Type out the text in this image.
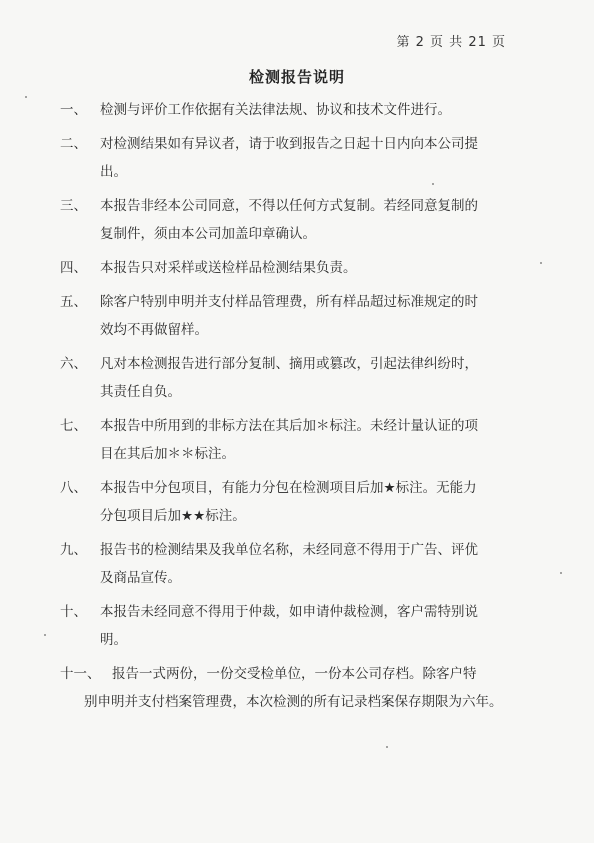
第 2 页 共 21 页
检测报告说明
一、 检测与评价工作依据有关法律法规、协议和技术文件进行。
二、 对检测结果如有异议者，请于收到报告之日起十日内向本公司提
出。
三、 本报告非经本公司同意，不得以任何方式复制。若经同意复制的
复制件，须由本公司加盖印章确认。
四、 本报告只对采样或送检样品检测结果负责。
五、 除客户特别申明并支付样品管理费，所有样品超过标准规定的时
效均不再做留样。
六、 凡对本检测报告进行部分复制、摘用或篡改，引起法律纠纷时，
其责任自负。
七、 本报告中所用到的非标方法在其后加＊标注。未经计量认证的项
目在其后加＊＊标注。
八、 本报告中分包项目，有能力分包在检测项目后加★标注。无能力
分包项目后加★★标注。
九、 报告书的检测结果及我单位名称，未经同意不得用于广告、评优
及商品宣传。
十、 本报告未经同意不得用于仲裁，如申请仲裁检测，客户需特别说
明。
十一、 报告一式两份，一份交受检单位，一份本公司存档。除客户特
别申明并支付档案管理费，本次检测的所有记录档案保存期限为六年。
